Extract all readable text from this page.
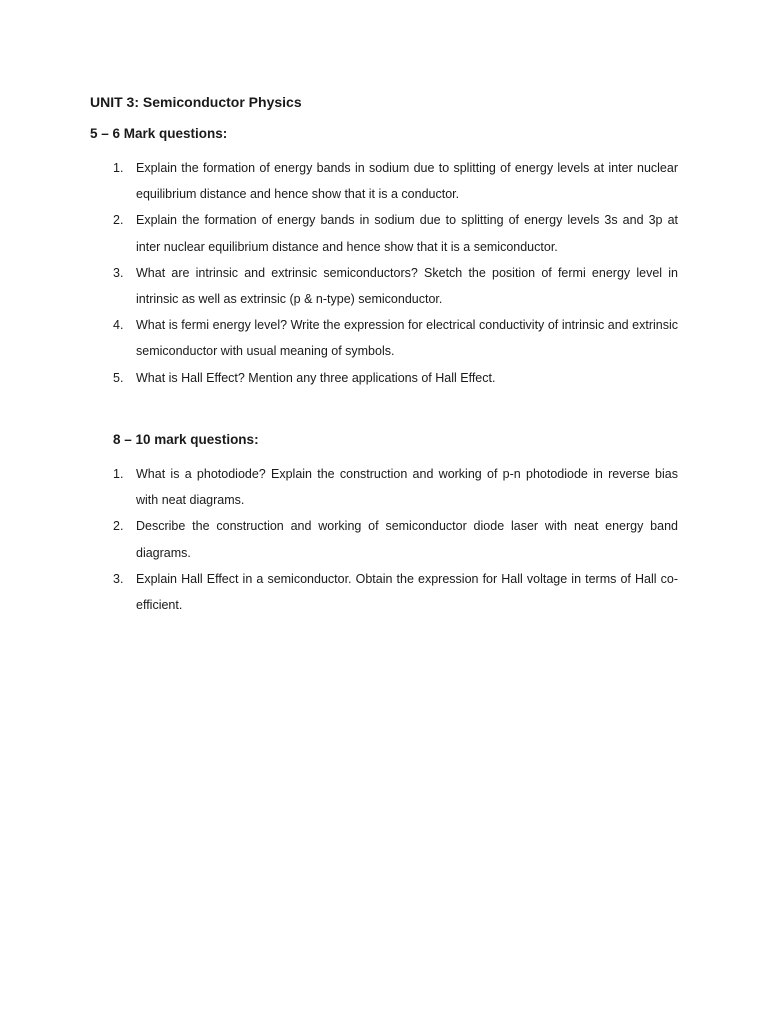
UNIT 3: Semiconductor Physics
5 – 6 Mark questions:
1. Explain the formation of energy bands in sodium due to splitting of energy levels at inter nuclear equilibrium distance and hence show that it is a conductor.
2. Explain the formation of energy bands in sodium due to splitting of energy levels 3s and 3p at inter nuclear equilibrium distance and hence show that it is a semiconductor.
3. What are intrinsic and extrinsic semiconductors? Sketch the position of fermi energy level in intrinsic as well as extrinsic (p & n-type) semiconductor.
4. What is fermi energy level? Write the expression for electrical conductivity of intrinsic and extrinsic semiconductor with usual meaning of symbols.
5. What is Hall Effect? Mention any three applications of Hall Effect.
8 – 10 mark questions:
1. What is a photodiode? Explain the construction and working of p-n photodiode in reverse bias with neat diagrams.
2. Describe the construction and working of semiconductor diode laser with neat energy band diagrams.
3. Explain Hall Effect in a semiconductor. Obtain the expression for Hall voltage in terms of Hall co-efficient.
